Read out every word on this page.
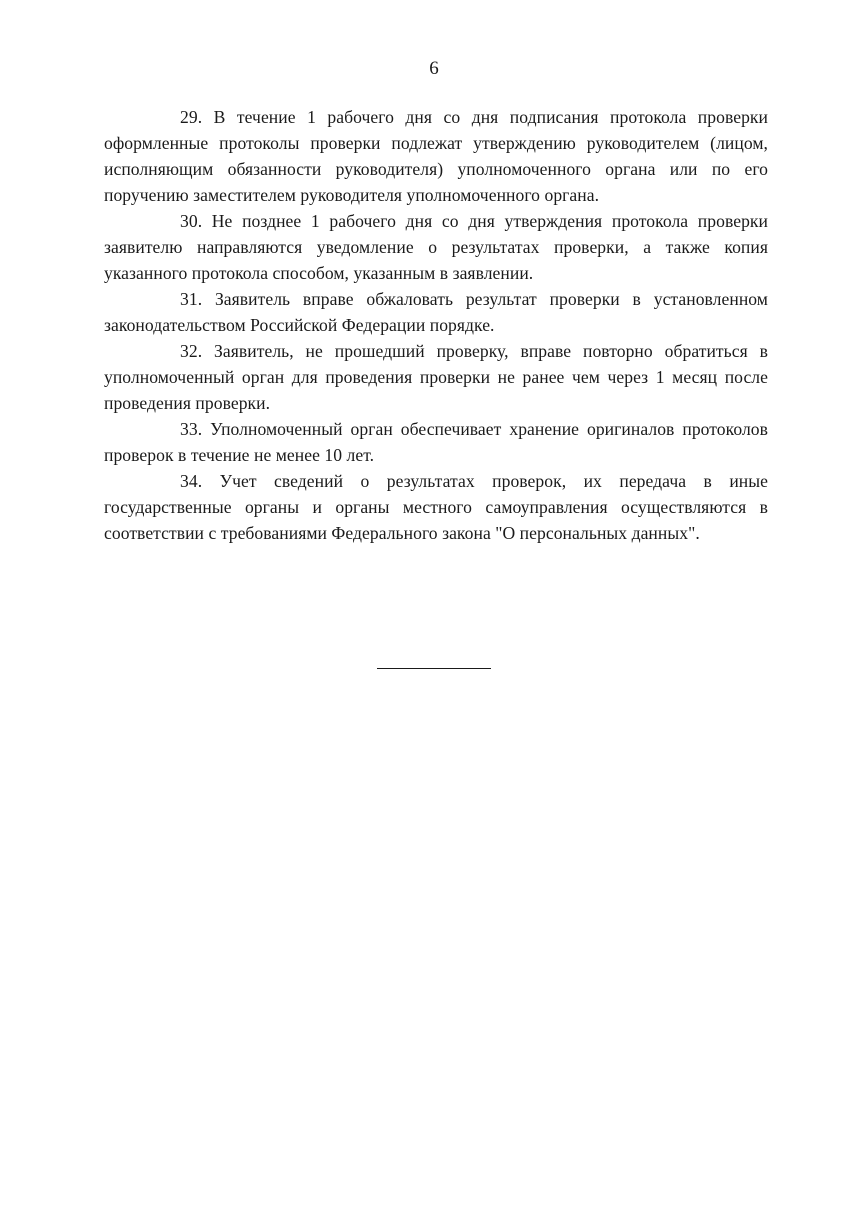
6

29. В течение 1 рабочего дня со дня подписания протокола проверки оформленные протоколы проверки подлежат утверждению руководителем (лицом, исполняющим обязанности руководителя) уполномоченного органа или по его поручению заместителем руководителя уполномоченного органа.

30. Не позднее 1 рабочего дня со дня утверждения протокола проверки заявителю направляются уведомление о результатах проверки, а также копия указанного протокола способом, указанным в заявлении.

31. Заявитель вправе обжаловать результат проверки в установленном законодательством Российской Федерации порядке.

32. Заявитель, не прошедший проверку, вправе повторно обратиться в уполномоченный орган для проведения проверки не ранее чем через 1 месяц после проведения проверки.

33. Уполномоченный орган обеспечивает хранение оригиналов протоколов проверок в течение не менее 10 лет.

34. Учет сведений о результатах проверок, их передача в иные государственные органы и органы местного самоуправления осуществляются в соответствии с требованиями Федерального закона "О персональных данных".
